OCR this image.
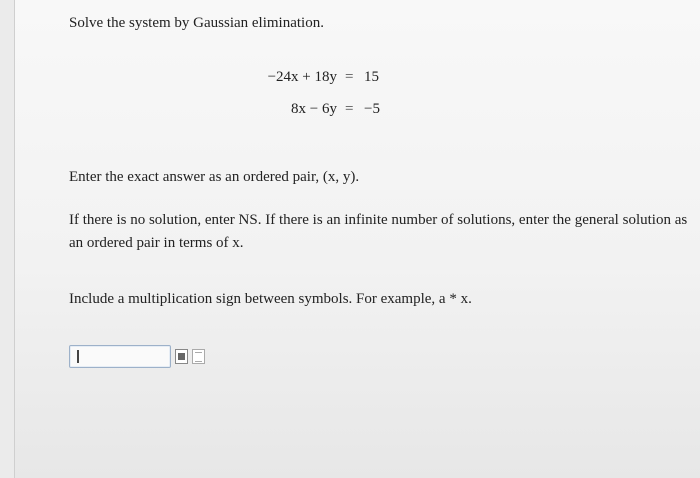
Solve the system by Gaussian elimination.
−24x + 18y = 15
8x − 6y = −5
Enter the exact answer as an ordered pair, (x, y).
If there is no solution, enter NS. If there is an infinite number of solutions, enter the general solution as an ordered pair in terms of x.
Include a multiplication sign between symbols. For example, a * x.
